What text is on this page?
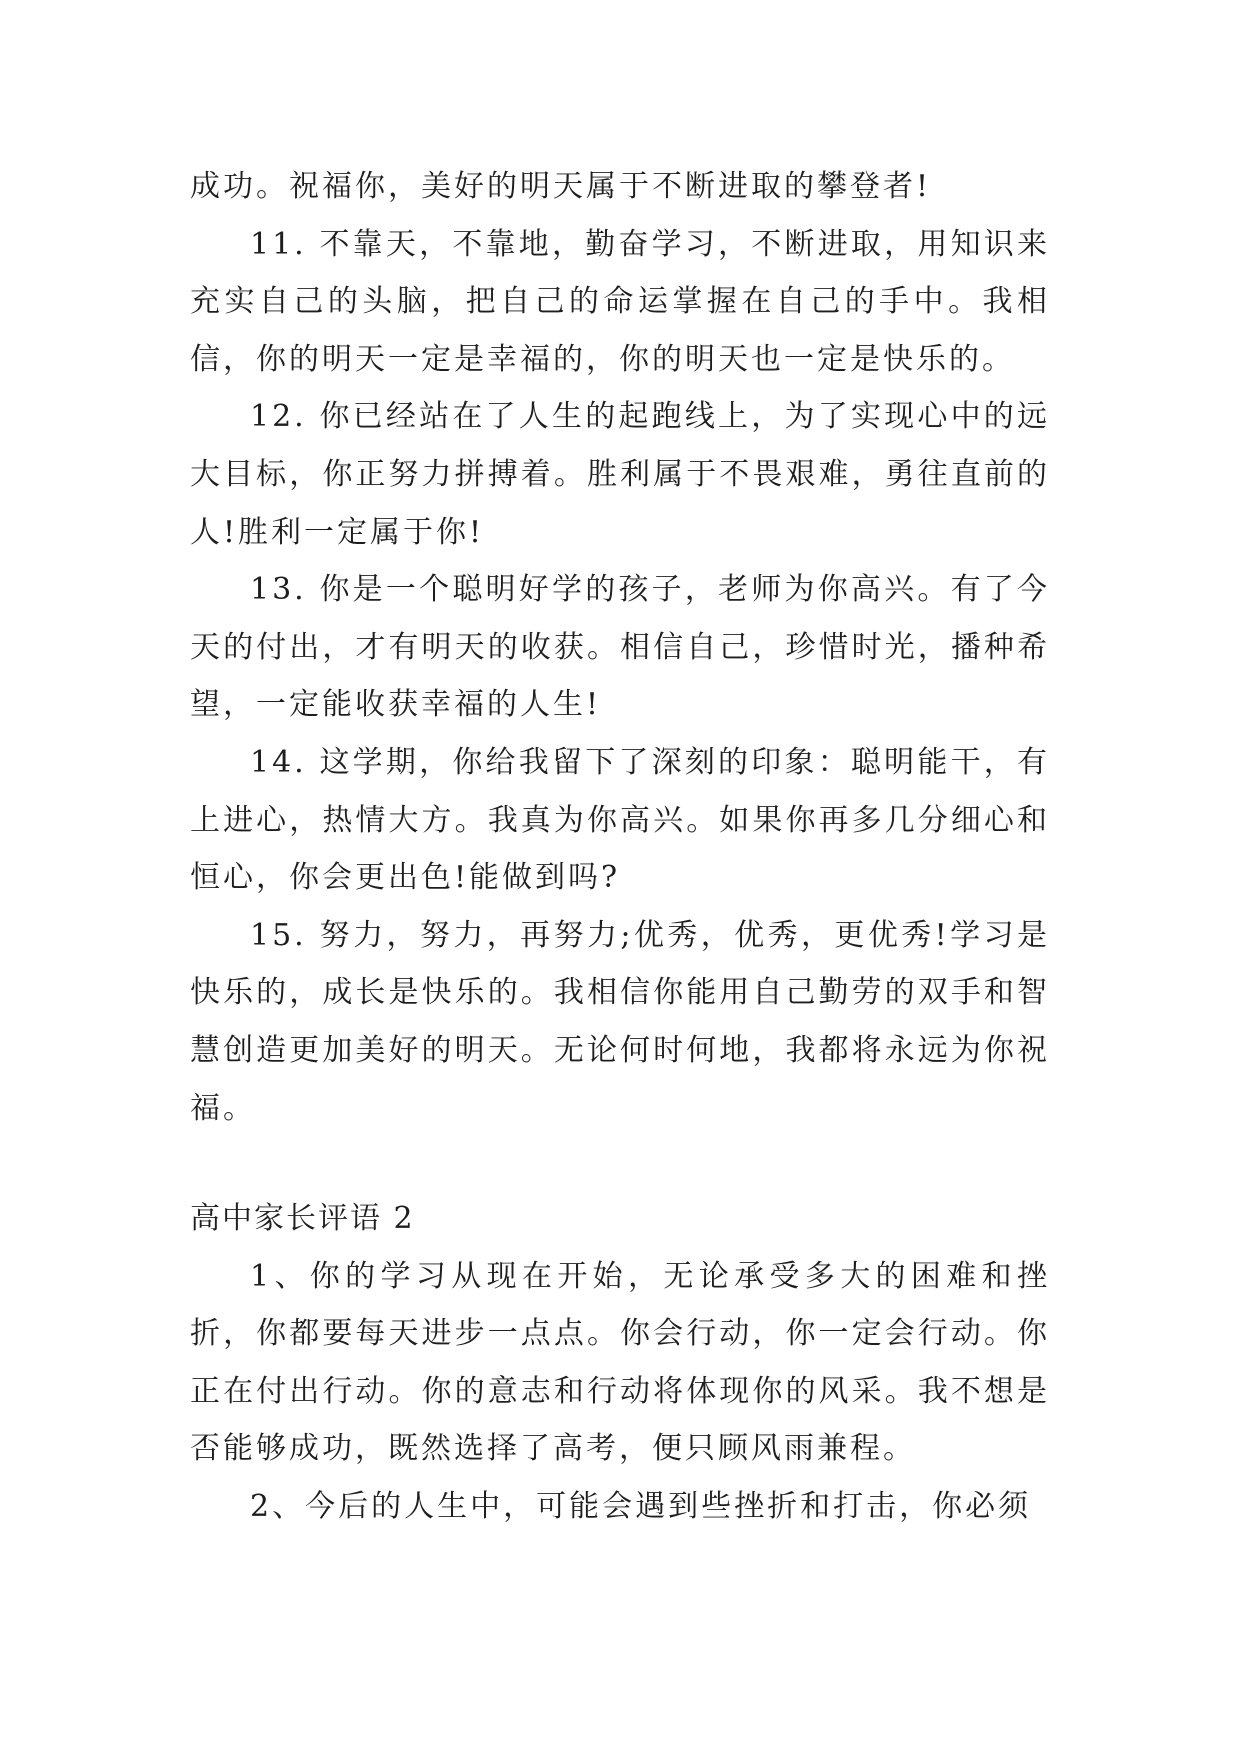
成功。祝福你，美好的明天属于不断进取的攀登者!

11. 不靠天，不靠地，勤奋学习，不断进取，用知识来充实自己的头脑，把自己的命运掌握在自己的手中。我相信，你的明天一定是幸福的，你的明天也一定是快乐的。

12. 你已经站在了人生的起跑线上，为了实现心中的远大目标，你正努力拼搏着。胜利属于不畏艰难，勇往直前的人!胜利一定属于你!

13. 你是一个聪明好学的孩子，老师为你高兴。有了今天的付出，才有明天的收获。相信自己，珍惜时光，播种希望，一定能收获幸福的人生!

14. 这学期，你给我留下了深刻的印象：聪明能干，有上进心，热情大方。我真为你高兴。如果你再多几分细心和恒心，你会更出色!能做到吗?

15. 努力，努力，再努力;优秀，优秀，更优秀!学习是快乐的，成长是快乐的。我相信你能用自己勤劳的双手和智慧创造更加美好的明天。无论何时何地，我都将永远为你祝福。

高中家长评语 2

1、你的学习从现在开始，无论承受多大的困难和挫折，你都要每天进步一点点。你会行动，你一定会行动。你正在付出行动。你的意志和行动将体现你的风采。我不想是否能够成功，既然选择了高考，便只顾风雨兼程。

2、今后的人生中，可能会遇到些挫折和打击，你必须
